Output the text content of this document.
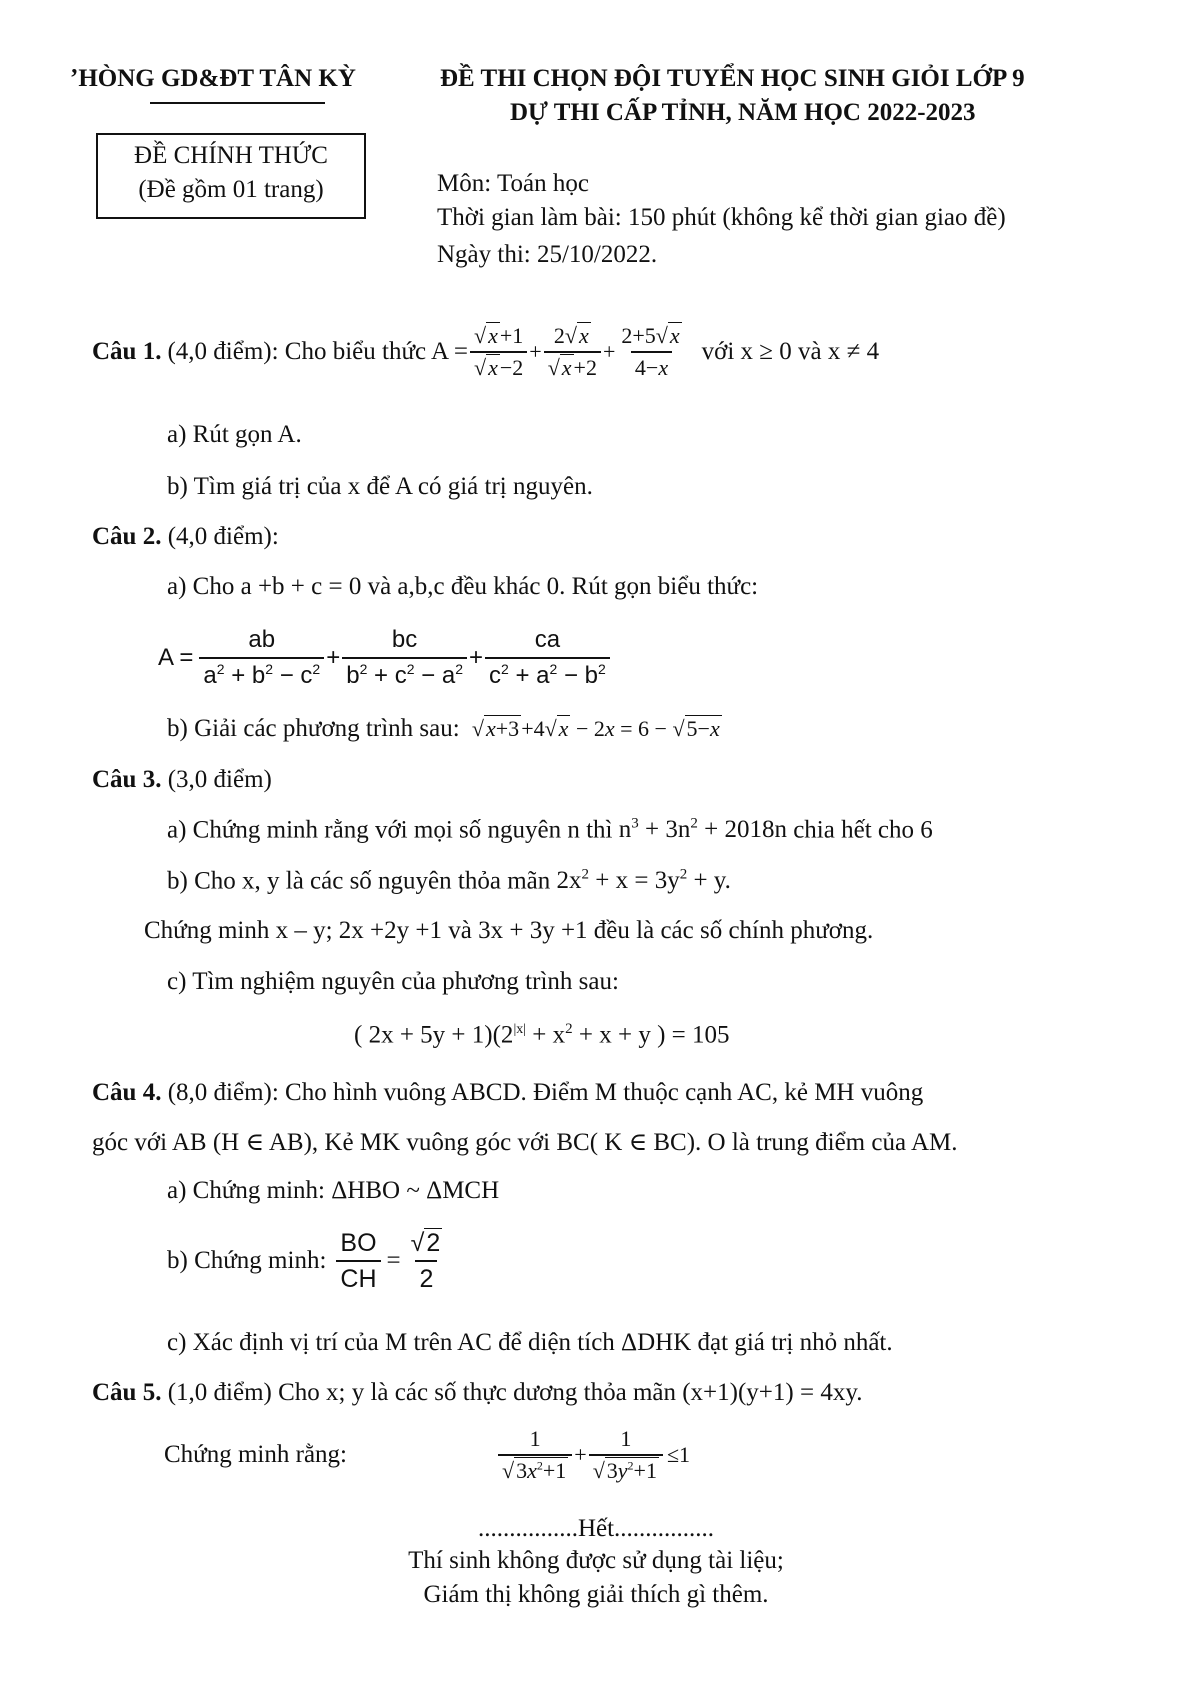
ʼHÒNG GD&ĐT TÂN KỲ	ĐỀ THI CHỌN ĐỘI TUYỂN HỌC SINH GIỎI LỚP 9
DỰ THI CẤP TỈNH, NĂM HỌC 2022-2023
ĐỀ CHÍNH THỨC
(Đề gồm 01 trang)	Môn: Toán học
Thời gian làm bài: 150 phút (không kể thời gian giao đề)
Ngày thi: 25/10/2022.
Câu 1. (4,0 điểm): Cho biểu thức $A = \frac{√x+1}{√x-2} + \frac{2√x}{√x+2} + \frac{2+5√x}{4-x}$ với x ≥ 0 và x ≠ 4
a) Rút gọn A.
b) Tìm giá trị của x để A có giá trị nguyên.
Câu 2. (4,0 điểm):
a) Cho a +b + c = 0 và a,b,c đều khác 0. Rút gọn biểu thức:
$A = \frac{ab}{a^2 + b^2 - c^2} + \frac{bc}{b^2 + c^2 - a^2} + \frac{ca}{c^2 + a^2 - b^2}$
b) Giải các phương trình sau: √x+3+4√x − 2x = 6 − √5−x
Câu 3. (3,0 điểm)
a) Chứng minh rằng với mọi số nguyên n thì $n^3 + 3n^2 + 2018n$ chia hết cho 6
b) Cho x, y là các số nguyên thỏa mãn $2x^2 + x = 3y^2 + y$.
Chứng minh x – y; 2x +2y +1 và 3x + 3y +1 đều là các số chính phương.
c) Tìm nghiệm nguyên của phương trình sau:
( $2x + 5y + 1)(2^{|x|} + x^2 + x + y$ ) = 105
Câu 4. (8,0 điểm): Cho hình vuông ABCD. Điểm M thuộc cạnh AC, kẻ MH vuông
góc với AB (H ∈ AB), Kẻ MK vuông góc với BC( K ∈ BC). O là trung điểm của AM.
a) Chứng minh: ΔHBO ~ ΔMCH
b) Chứng minh: $\frac{BO}{CH} = \frac{√2}{2}$
c) Xác định vị trí của M trên AC để diện tích ΔDHK đạt giá trị nhỏ nhất.
Câu 5. (1,0 điểm) Cho x; y là các số thực dương thỏa mãn (x+1)(y+1) = 4xy.
Chứng minh rằng:	$\frac{1}{√3x^2+1} + \frac{1}{√3y^2+1} \le 1$
................Hết................
Thí sinh không được sử dụng tài liệu;
Giám thị không giải thích gì thêm.
